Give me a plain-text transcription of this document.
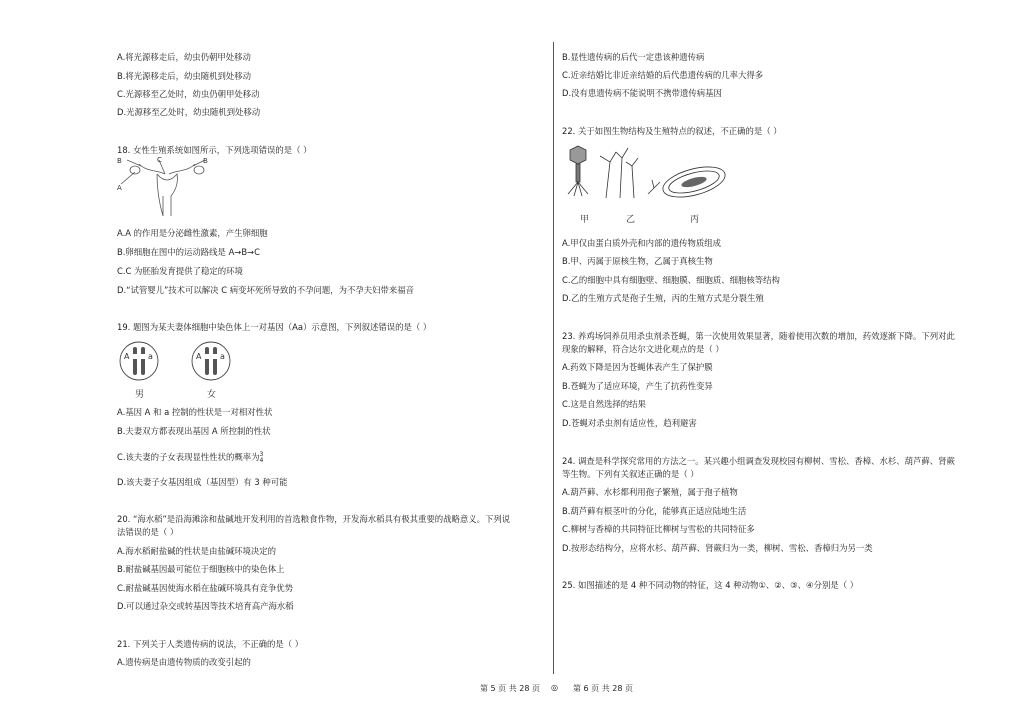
A.将光源移走后，幼虫仍朝甲处移动
B.将光源移走后，幼虫随机到处移动
C.光源移至乙处时，幼虫仍朝甲处移动
D.光源移至乙处时，幼虫随机到处移动
18. 女性生殖系统如图所示，下列选项错误的是（ ）
B	C	B
A
A.A 的作用是分泌雌性激素，产生卵细胞
B.卵细胞在图中的运动路线是 A→B→C
C.C 为胚胎发育提供了稳定的环境
D.“试管婴儿”技术可以解决 C 病变坏死所导致的不孕问题，为不孕夫妇带来福音
19. 题图为某夫妻体细胞中染色体上一对基因（Aa）示意图，下列叙述错误的是（ ）
A a	A a
男	女
A.基因 A 和 a 控制的性状是一对相对性状
B.夫妻双方都表现出基因 A 所控制的性状
C.该夫妻的子女表现显性性状的概率为3
4
D.该夫妻子女基因组成（基因型）有 3 种可能
20. “海水稻”是沿海滩涂和盐碱地开发利用的首选粮食作物，开发海水稻具有极其重要的战略意义。下列说
法错误的是（ ）
A.海水稻耐盐碱的性状是由盐碱环境决定的
B.耐盐碱基因最可能位于细胞核中的染色体上
C.耐盐碱基因使海水稻在盐碱环境具有竞争优势
D.可以通过杂交或转基因等技术培育高产海水稻
21. 下列关于人类遗传病的说法，不正确的是（ ）
A.遗传病是由遗传物质的改变引起的
B.显性遗传病的后代一定患该种遗传病
C.近亲结婚比非近亲结婚的后代患遗传病的几率大得多
D.没有患遗传病不能说明不携带遗传病基因
22. 关于如图生物结构及生殖特点的叙述，不正确的是（ ）
甲	乙	丙
A.甲仅由蛋白质外壳和内部的遗传物质组成
B.甲、丙属于原核生物，乙属于真核生物
C.乙的细胞中具有细胞壁、细胞膜、细胞质、细胞核等结构
D.乙的生殖方式是孢子生殖，丙的生殖方式是分裂生殖
23. 养鸡场饲养员用杀虫剂杀苍蝇，第一次使用效果显著，随着使用次数的增加，药效逐渐下降。下列对此
现象的解释，符合达尔文进化观点的是（ ）
A.药效下降是因为苍蝇体表产生了保护膜
B.苍蝇为了适应环境，产生了抗药性变异
C.这是自然选择的结果
D.苍蝇对杀虫剂有适应性，趋利避害
24. 调查是科学探究常用的方法之一。某兴趣小组调查发现校园有柳树、雪松、香樟、水杉、葫芦藓、肾蕨
等生物。下列有关叙述正确的是（ ）
A.葫芦藓、水杉都利用孢子繁殖，属于孢子植物
B.葫芦藓有根茎叶的分化，能够真正适应陆地生活
C.柳树与香樟的共同特征比柳树与雪松的共同特征多
D.按形态结构分，应将水杉、葫芦藓、肾蕨归为一类，柳树、雪松、香樟归为另一类
25. 如图描述的是 4 种不同动物的特征，这 4 种动物①、②、③、④分别是（ ）
第 5 页 共 28 页 ◎ 第 6 页 共 28 页
